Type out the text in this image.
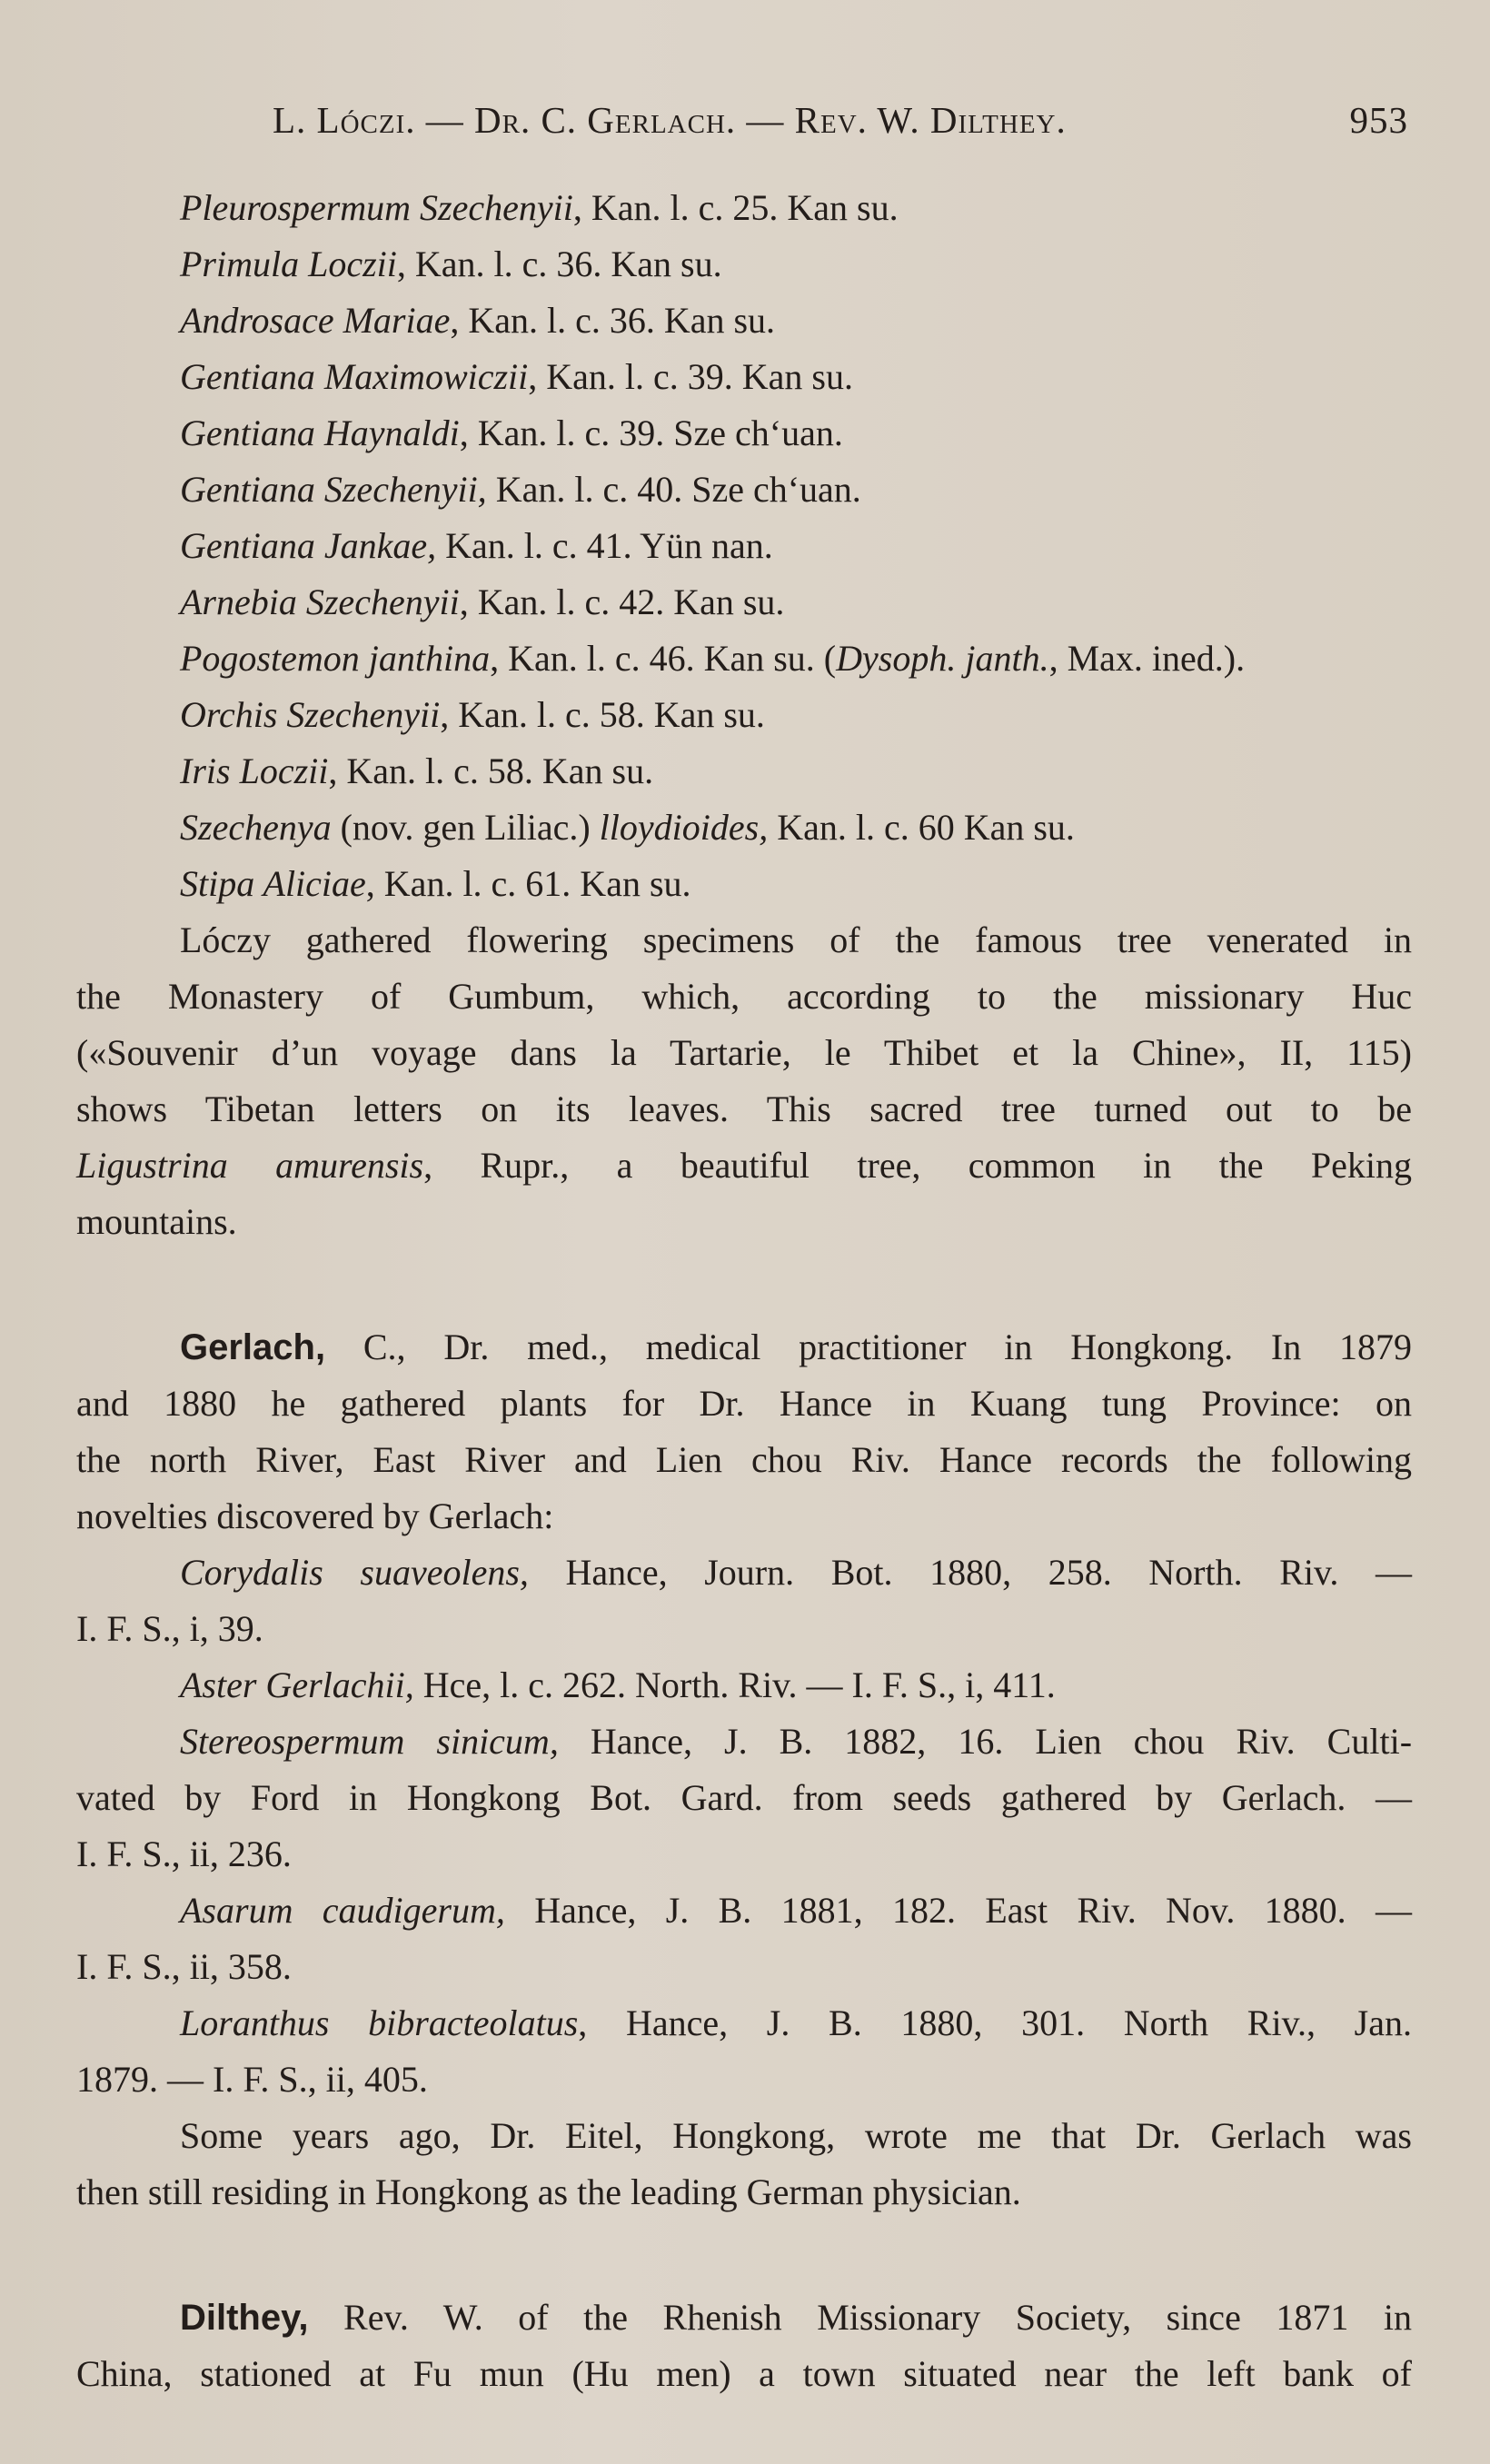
L. Lóczi. — Dr. C. Gerlach. — Rev. W. Dilthey.	953
Pleurospermum Szechenyii, Kan. l. c. 25. Kan su.
Primula Loczii, Kan. l. c. 36. Kan su.
Androsace Mariae, Kan. l. c. 36. Kan su.
Gentiana Maximowiczii, Kan. l. c. 39. Kan su.
Gentiana Haynaldi, Kan. l. c. 39. Sze ch‘uan.
Gentiana Szechenyii, Kan. l. c. 40. Sze ch‘uan.
Gentiana Jankae, Kan. l. c. 41. Yün nan.
Arnebia Szechenyii, Kan. l. c. 42. Kan su.
Pogostemon janthina, Kan. l. c. 46. Kan su. (Dysoph. janth., Max. ined.).
Orchis Szechenyii, Kan. l. c. 58. Kan su.
Iris Loczii, Kan. l. c. 58. Kan su.
Szechenya (nov. gen Liliac.) lloydioides, Kan. l. c. 60 Kan su.
Stipa Aliciae, Kan. l. c. 61. Kan su.
Lóczy gathered flowering specimens of the famous tree venerated in
the Monastery of Gumbum, which, according to the missionary Huc
(«Souvenir d’un voyage dans la Tartarie, le Thibet et la Chine», II, 115)
shows Tibetan letters on its leaves. This sacred tree turned out to be
Ligustrina amurensis, Rupr., a beautiful tree, common in the Peking
mountains.
Gerlach, C., Dr. med., medical practitioner in Hongkong. In 1879
and 1880 he gathered plants for Dr. Hance in Kuang tung Province: on
the north River, East River and Lien chou Riv. Hance records the following
novelties discovered by Gerlach:
Corydalis suaveolens, Hance, Journ. Bot. 1880, 258. North. Riv. —
I. F. S., i, 39.
Aster Gerlachii, Hce, l. c. 262. North. Riv. — I. F. S., i, 411.
Stereospermum sinicum, Hance, J. B. 1882, 16. Lien chou Riv. Culti-
vated by Ford in Hongkong Bot. Gard. from seeds gathered by Gerlach. —
I. F. S., ii, 236.
Asarum caudigerum, Hance, J. B. 1881, 182. East Riv. Nov. 1880. —
I. F. S., ii, 358.
Loranthus bibracteolatus, Hance, J. B. 1880, 301. North Riv., Jan.
1879. — I. F. S., ii, 405.
Some years ago, Dr. Eitel, Hongkong, wrote me that Dr. Gerlach was
then still residing in Hongkong as the leading German physician.
Dilthey, Rev. W. of the Rhenish Missionary Society, since 1871 in
China, stationed at Fu mun (Hu men) a town situated near the left bank of
